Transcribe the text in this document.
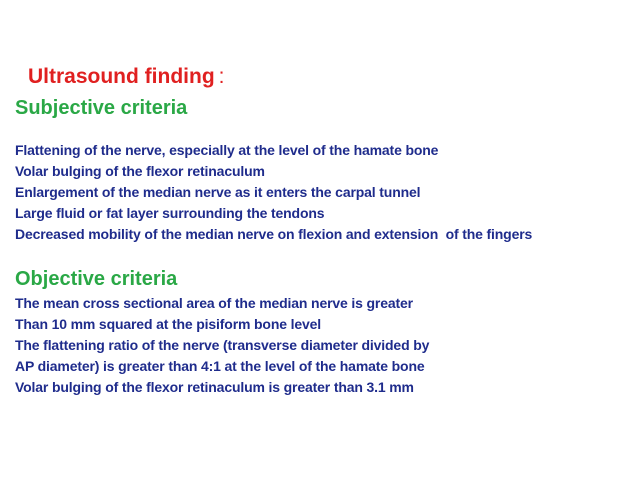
Ultrasound finding :
Subjective criteria
Flattening of the nerve, especially at the level of the hamate bone
Volar bulging of the flexor retinaculum
Enlargement of the median nerve as it enters the carpal tunnel
Large fluid or fat layer surrounding the tendons
Decreased mobility of the median nerve on flexion and extension  of the fingers
Objective criteria
The mean cross sectional area of the median nerve is greater
Than 10 mm squared at the pisiform bone level
The flattening ratio of the nerve (transverse diameter divided by
AP diameter) is greater than 4:1 at the level of the hamate bone
Volar bulging of the flexor retinaculum is greater than 3.1 mm
